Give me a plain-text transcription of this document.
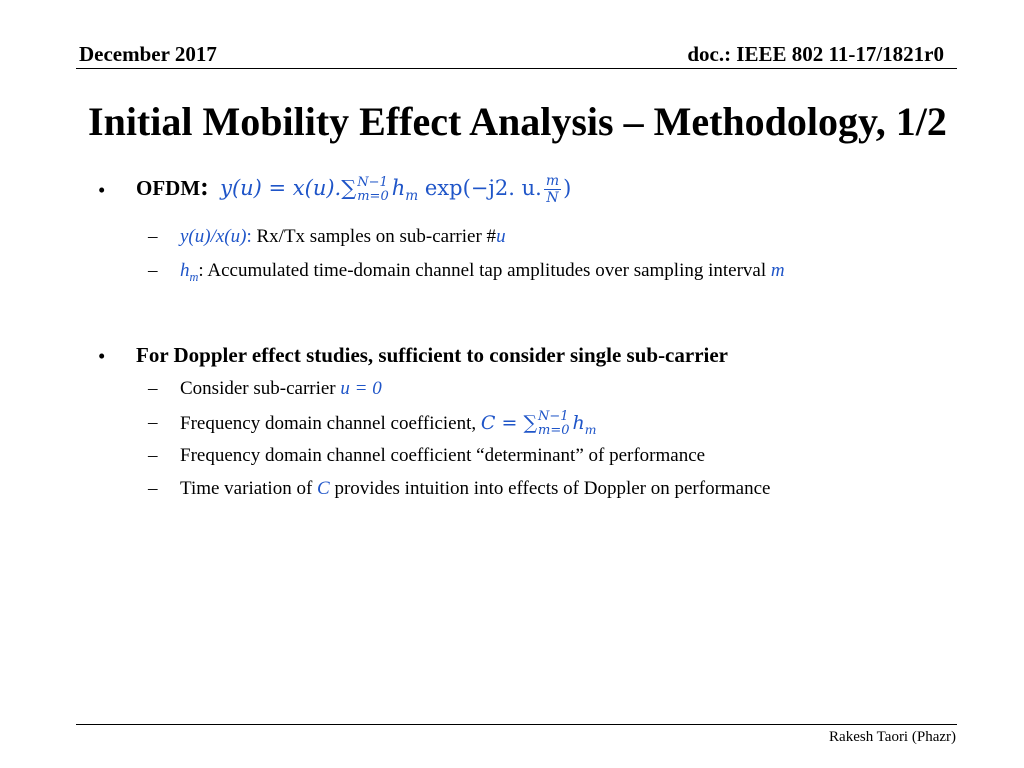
December 2017	doc.: IEEE 802 11-17/1821r0
Initial Mobility Effect Analysis – Methodology, 1/2
• OFDM: y(u) = x(u).∑ N−1
m=0 $h_m$ exp(−j2. u. $\frac{m}{N}$ )
– y(u)/x(u): Rx/Tx samples on sub-carrier #u
– $h_m$: Accumulated time-domain channel tap amplitudes over sampling interval m
• For Doppler effect studies, sufficient to consider single sub-carrier
– Consider sub-carrier u = 0
– Frequency domain channel coefficient, C = ∑ N−1
m=0 $h_m$
– Frequency domain channel coefficient “determinant” of performance
– Time variation of C provides intuition into effects of Doppler on performance
Rakesh Taori (Phazr)
